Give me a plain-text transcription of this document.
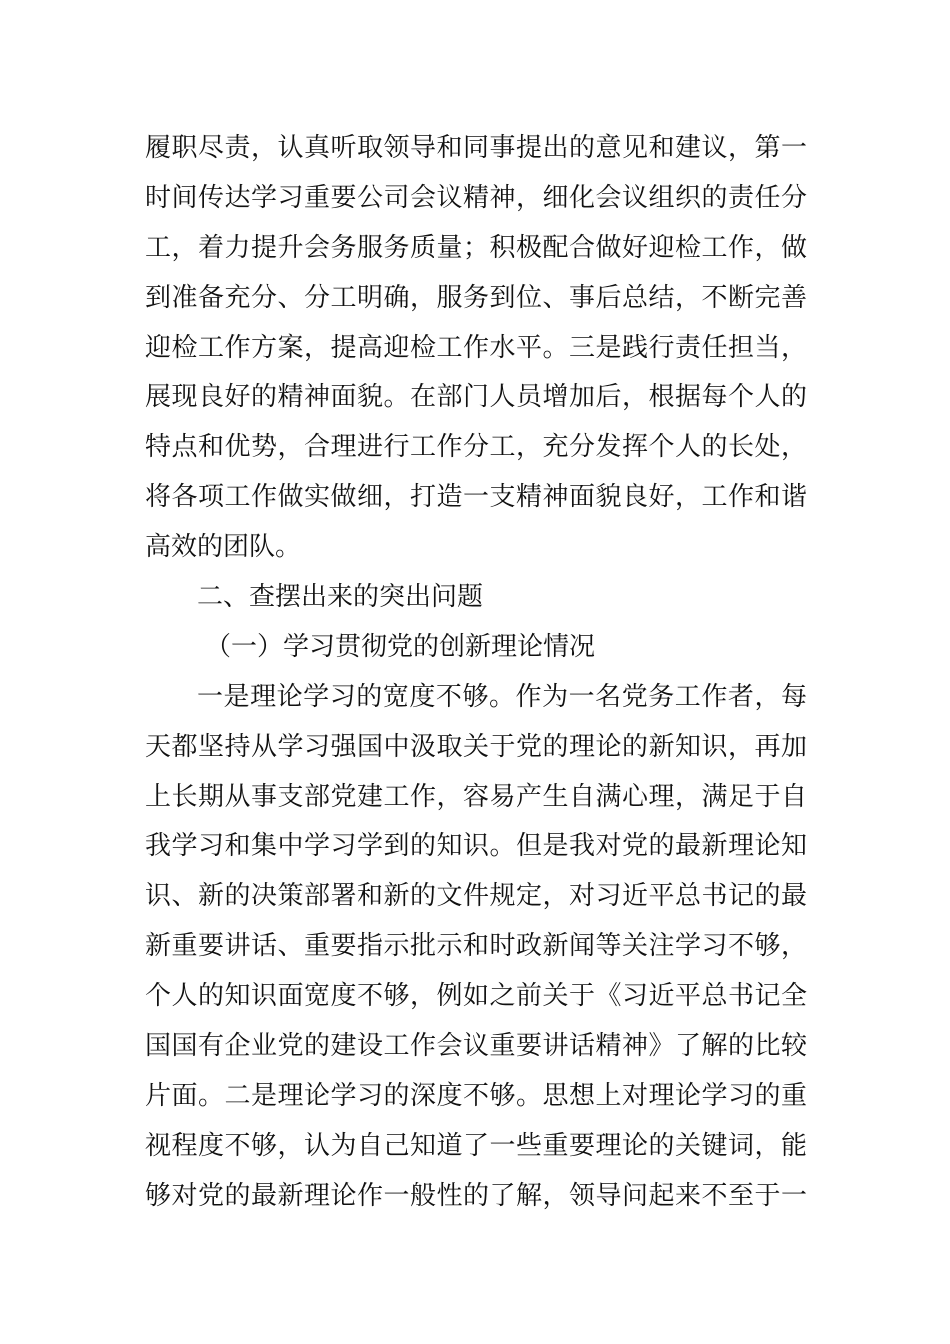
履职尽责，认真听取领导和同事提出的意见和建议，第一
时间传达学习重要公司会议精神，细化会议组织的责任分
工，着力提升会务服务质量；积极配合做好迎检工作，做
到准备充分、分工明确，服务到位、事后总结，不断完善
迎检工作方案，提高迎检工作水平。三是践行责任担当，
展现良好的精神面貌。在部门人员增加后，根据每个人的
特点和优势，合理进行工作分工，充分发挥个人的长处，
将各项工作做实做细，打造一支精神面貌良好，工作和谐
高效的团队。
二、查摆出来的突出问题
（一）学习贯彻党的创新理论情况
一是理论学习的宽度不够。作为一名党务工作者，每
天都坚持从学习强国中汲取关于党的理论的新知识，再加
上长期从事支部党建工作，容易产生自满心理，满足于自
我学习和集中学习学到的知识。但是我对党的最新理论知
识、新的决策部署和新的文件规定，对习近平总书记的最
新重要讲话、重要指示批示和时政新闻等关注学习不够，
个人的知识面宽度不够，例如之前关于《习近平总书记全
国国有企业党的建设工作会议重要讲话精神》了解的比较
片面。二是理论学习的深度不够。思想上对理论学习的重
视程度不够，认为自己知道了一些重要理论的关键词，能
够对党的最新理论作一般性的了解，领导问起来不至于一
